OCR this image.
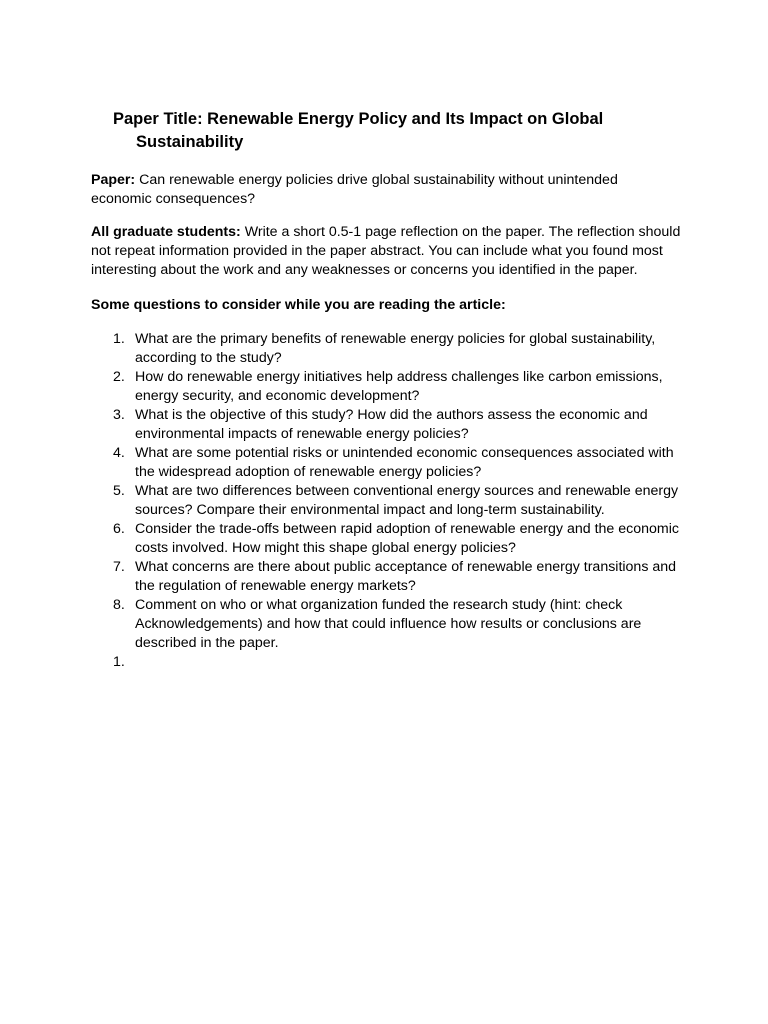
Paper Title: Renewable Energy Policy and Its Impact on Global Sustainability

Paper: Can renewable energy policies drive global sustainability without unintended economic consequences?

All graduate students: Write a short 0.5-1 page reflection on the paper. The reflection should not repeat information provided in the paper abstract. You can include what you found most interesting about the work and any weaknesses or concerns you identified in the paper.

Some questions to consider while you are reading the article:

1. What are the primary benefits of renewable energy policies for global sustainability, according to the study?
2. How do renewable energy initiatives help address challenges like carbon emissions, energy security, and economic development?
3. What is the objective of this study? How did the authors assess the economic and environmental impacts of renewable energy policies?
4. What are some potential risks or unintended economic consequences associated with the widespread adoption of renewable energy policies?
5. What are two differences between conventional energy sources and renewable energy sources? Compare their environmental impact and long-term sustainability.
6. Consider the trade-offs between rapid adoption of renewable energy and the economic costs involved. How might this shape global energy policies?
7. What concerns are there about public acceptance of renewable energy transitions and the regulation of renewable energy markets?
8. Comment on who or what organization funded the research study (hint: check Acknowledgements) and how that could influence how results or conclusions are described in the paper.
1.
